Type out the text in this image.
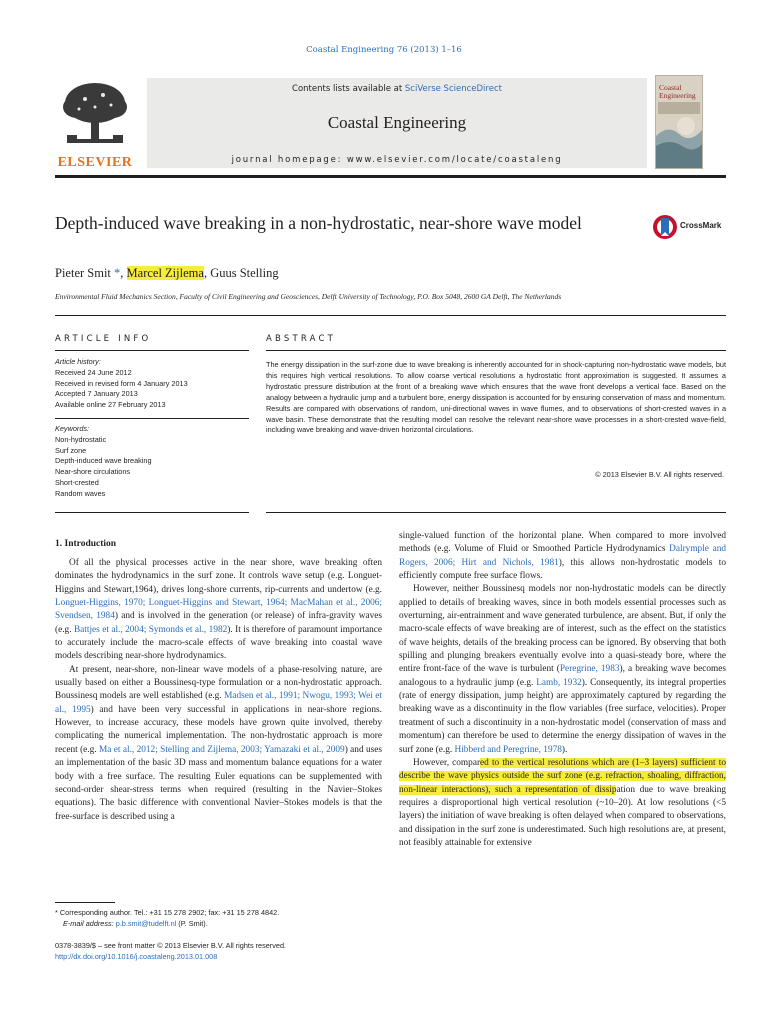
Coastal Engineering 76 (2013) 1–16
ELSEVIER
Contents lists available at SciVerse ScienceDirect
Coastal Engineering
journal homepage: www.elsevier.com/locate/coastaleng
Coastal
Engineering
Depth-induced wave breaking in a non-hydrostatic, near-shore wave model	CrossMark
Pieter Smit *, Marcel Zijlema, Guus Stelling
Environmental Fluid Mechanics Section, Faculty of Civil Engineering and Geosciences, Delft University of Technology, P.O. Box 5048, 2600 GA Delft, The Netherlands
ARTICLE INFO
Article history:
Received 24 June 2012
Received in revised form 4 January 2013
Accepted 7 January 2013
Available online 27 February 2013
Keywords:
Non-hydrostatic
Surf zone
Depth-induced wave breaking
Near-shore circulations
Short-crested
Random waves
ABSTRACT
The energy dissipation in the surf-zone due to wave breaking is inherently accounted for in shock-capturing non-hydrostatic wave models, but this requires high vertical resolutions. To allow coarse vertical resolutions a hydrostatic front approximation is suggested. It assumes a hydrostatic pressure distribution at the front of a breaking wave which ensures that the wave front develops a vertical face. Based on the analogy between a hydraulic jump and a turbulent bore, energy dissipation is accounted for by ensuring conservation of mass and momentum. Results are compared with observations of random, uni-directional waves in wave flumes, and to observations of short-crested waves in a wave basin. These demonstrate that the resulting model can resolve the relevant near-shore wave processes in a short-crested wave-field, including wave breaking and wave-driven horizontal circulations.
© 2013 Elsevier B.V. All rights reserved.
1. Introduction

Of all the physical processes active in the near shore, wave breaking often dominates the hydrodynamics in the surf zone. It controls wave setup (e.g. Longuet-Higgins and Stewart,1964), drives long-shore currents, rip-currents and undertow (e.g. Longuet-Higgins, 1970; Longuet-Higgins and Stewart, 1964; MacMahan et al., 2006; Svendsen, 1984) and is involved in the generation (or release) of infra-gravity waves (e.g. Battjes et al., 2004; Symonds et al., 1982). It is therefore of paramount importance to accurately include the macro-scale effects of wave breaking into coastal wave models describing near-shore hydrodynamics.

At present, near-shore, non-linear wave models of a phase-resolving nature, are usually based on either a Boussinesq-type formulation or a non-hydrostatic approach. Boussinesq models are well established (e.g. Madsen et al., 1991; Nwogu, 1993; Wei et al., 1995) and have been very successful in applications in near-shore regions. However, to increase accuracy, these models have grown quite involved, thereby complicating the numerical implementation. The non-hydrostatic approach is more recent (e.g. Ma et al., 2012; Stelling and Zijlema, 2003; Yamazaki et al., 2009) and uses an implementation of the basic 3D mass and momentum balance equations for a water body with a free surface. The resulting Euler equations can be supplemented with second-order shear-stress terms when required (resulting in the Navier–Stokes equations). The basic difference with conventional Navier–Stokes models is that the free-surface is described using a

single-valued function of the horizontal plane. When compared to more involved methods (e.g. Volume of Fluid or Smoothed Particle Hydrodynamics Dalrymple and Rogers, 2006; Hirt and Nichols, 1981), this allows non-hydrostatic models to efficiently compute free surface flows.

However, neither Boussinesq models nor non-hydrostatic models can be directly applied to details of breaking waves, since in both models essential processes such as overturning, air-entrainment and wave generated turbulence, are absent. But, if only the macro-scale effects of wave breaking are of interest, such as the effect on the statistics of wave heights, details of the breaking process can be ignored. By observing that both spilling and plunging breakers eventually evolve into a quasi-steady bore, where the entire front-face of the wave is turbulent (Peregrine, 1983), a breaking wave becomes analogous to a hydraulic jump (e.g. Lamb, 1932). Consequently, its integral properties (rate of energy dissipation, jump height) are approximately captured by regarding the breaking wave as a discontinuity in the flow variables (free surface, velocities). Proper treatment of such a discontinuity in a non-hydrostatic model (conservation of mass and momentum) can therefore be used to determine the energy dissipation of waves in the surf zone (e.g. Hibberd and Peregrine, 1978).

However, compared to the vertical resolutions which are (1–3 layers) sufficient to describe the wave physics outside the surf zone (e.g. refraction, shoaling, diffraction, non-linear interactions), such a representation of dissipation due to wave breaking requires a disproportional high vertical resolution (~10–20). At low resolutions (<5 layers) the initiation of wave breaking is often delayed when compared to observations, and dissipation in the surf zone is underestimated. Such high resolutions are, at present, not feasibly attainable for extensive

* Corresponding author. Tel.: +31 15 278 2902; fax: +31 15 278 4842.
E-mail address: p.b.smit@tudelft.nl (P. Smit).
0378-3839/$ – see front matter © 2013 Elsevier B.V. All rights reserved.
http://dx.doi.org/10.1016/j.coastaleng.2013.01.008
